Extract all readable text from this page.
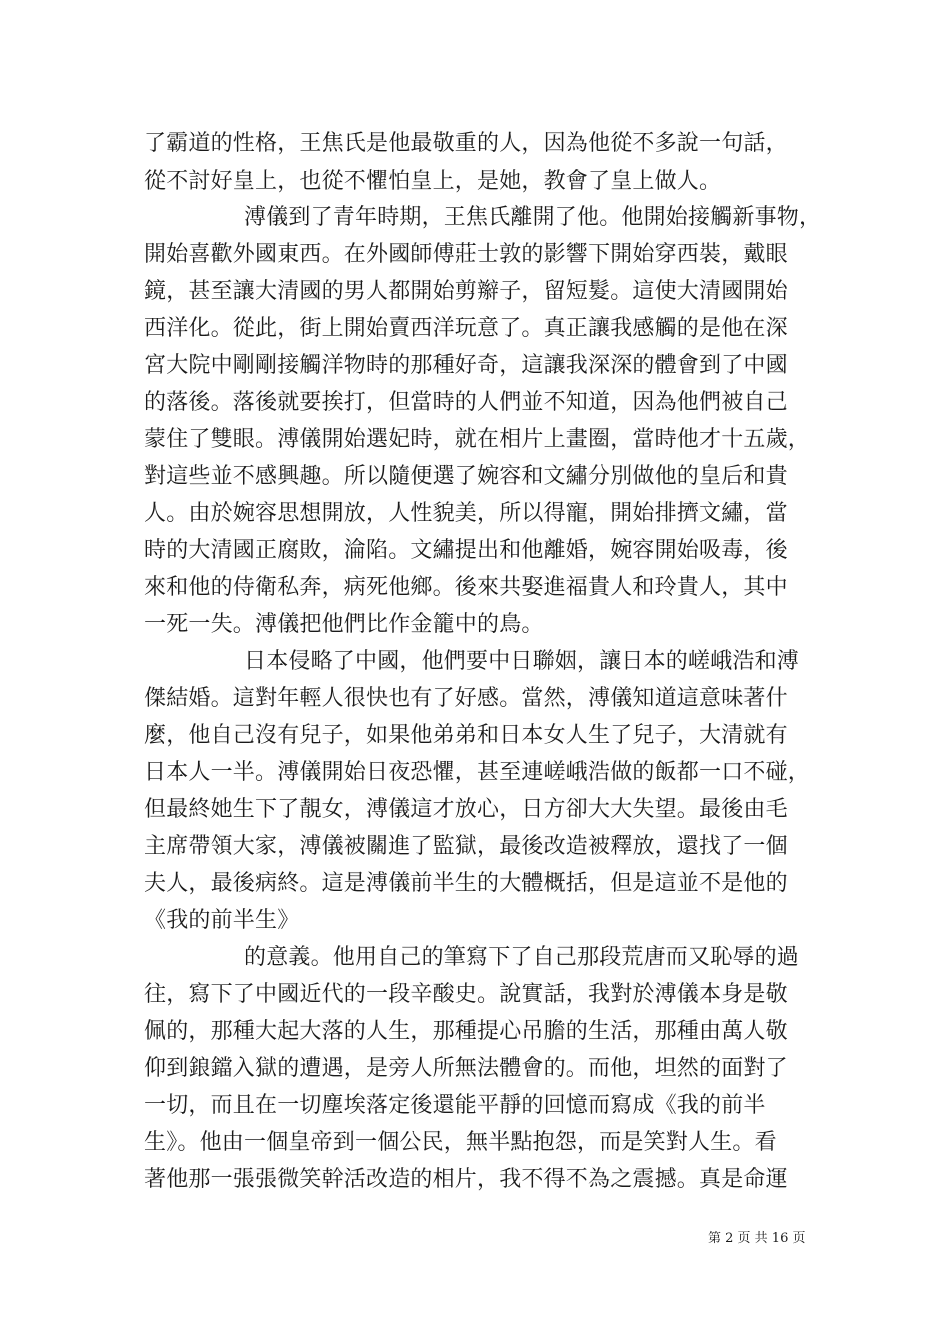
了霸道的性格，王焦氏是他最敬重的人，因為他從不多說一句話，
從不討好皇上，也從不懼怕皇上，是她，教會了皇上做人。
溥儀到了青年時期，王焦氏離開了他。他開始接觸新事物，
開始喜歡外國東西。在外國師傅莊士敦的影響下開始穿西裝，戴眼
鏡，甚至讓大清國的男人都開始剪辮子，留短髮。這使大清國開始
西洋化。從此，街上開始賣西洋玩意了。真正讓我感觸的是他在深
宮大院中剛剛接觸洋物時的那種好奇，這讓我深深的體會到了中國
的落後。落後就要挨打，但當時的人們並不知道，因為他們被自己
蒙住了雙眼。溥儀開始選妃時，就在相片上畫圈，當時他才十五歲，
對這些並不感興趣。所以隨便選了婉容和文繡分別做他的皇后和貴
人。由於婉容思想開放，人性貌美，所以得寵，開始排擠文繡，當
時的大清國正腐敗，淪陷。文繡提出和他離婚，婉容開始吸毒，後
來和他的侍衛私奔，病死他鄉。後來共娶進福貴人和玲貴人，其中
一死一失。溥儀把他們比作金籠中的鳥。
日本侵略了中國，他們要中日聯姻，讓日本的嵯峨浩和溥
傑結婚。這對年輕人很快也有了好感。當然，溥儀知道這意味著什
麼，他自己沒有兒子，如果他弟弟和日本女人生了兒子，大清就有
日本人一半。溥儀開始日夜恐懼，甚至連嵯峨浩做的飯都一口不碰，
但最終她生下了靚女，溥儀這才放心，日方卻大大失望。最後由毛
主席帶領大家，溥儀被關進了監獄，最後改造被釋放，還找了一個
夫人，最後病終。這是溥儀前半生的大體概括，但是這並不是他的
《我的前半生》
的意義。他用自己的筆寫下了自己那段荒唐而又恥辱的過
往，寫下了中國近代的一段辛酸史。說實話，我對於溥儀本身是敬
佩的，那種大起大落的人生，那種提心吊膽的生活，那種由萬人敬
仰到鋃鐺入獄的遭遇，是旁人所無法體會的。而他，坦然的面對了
一切，而且在一切塵埃落定後還能平靜的回憶而寫成《我的前半
生》。他由一個皇帝到一個公民，無半點抱怨，而是笑對人生。看
著他那一張張微笑幹活改造的相片，我不得不為之震撼。真是命運
第 2 页 共 16 页
